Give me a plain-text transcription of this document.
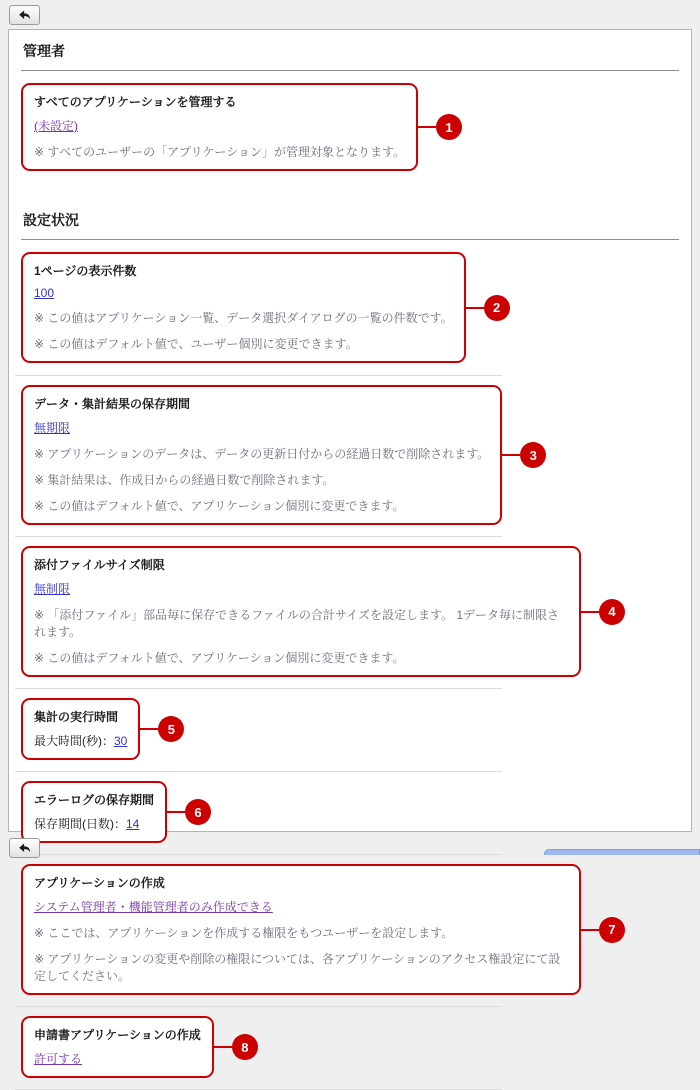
管理者
すべてのアプリケーションを管理する
(未設定)
※ すべてのユーザーの「アプリケーション」が管理対象となります。
1
設定状況
1ページの表示件数
100
※ この値はアプリケーション一覧、データ選択ダイアログの一覧の件数です。
※ この値はデフォルト値で、ユーザー個別に変更できます。
2
データ・集計結果の保存期間
無期限
※ アプリケーションのデータは、データの更新日付からの経過日数で削除されます。
※ 集計結果は、作成日からの経過日数で削除されます。
※ この値はデフォルト値で、アプリケーション個別に変更できます。
3
添付ファイルサイズ制限
無制限
※ 「添付ファイル」部品毎に保存できるファイルの合計サイズを設定します。 1データ毎に制限されます。
※ この値はデフォルト値で、アプリケーション個別に変更できます。
4
集計の実行時間
最大時間(秒)：30
5
エラーログの保存期間
保存期間(日数)：14
6
アプリケーションの作成
システム管理者・機能管理者のみ作成できる
※ ここでは、アプリケーションを作成する権限をもつユーザーを設定します。
※ アプリケーションの変更や削除の権限については、各アプリケーションのアクセス権設定にて設定してください。
7
申請書アプリケーションの作成
許可する
8
